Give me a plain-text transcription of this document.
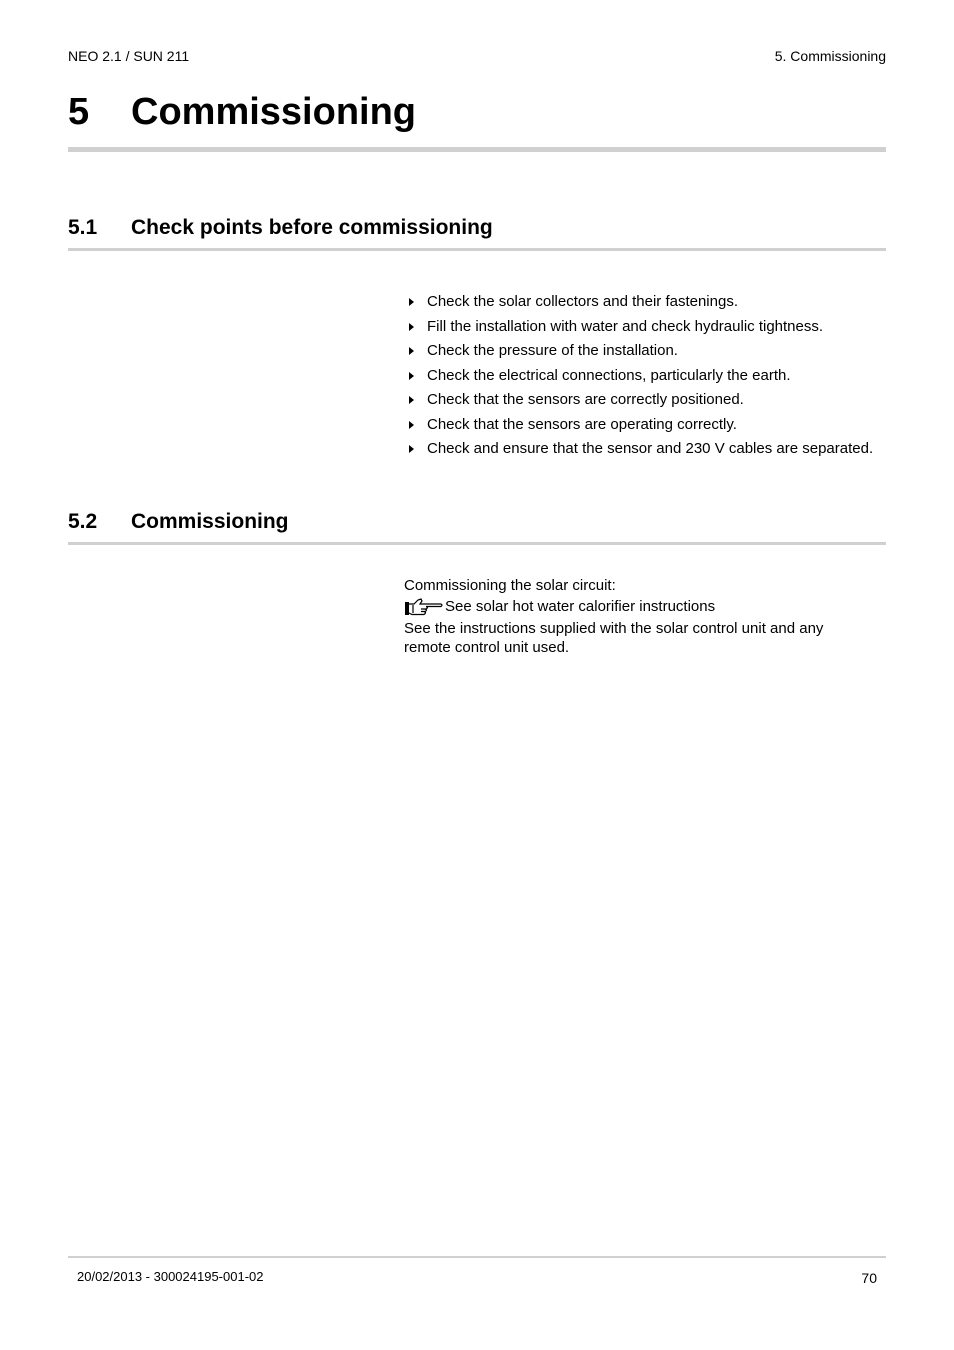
NEO 2.1 / SUN 211	5. Commissioning
5 Commissioning
5.1 Check points before commissioning
Check the solar collectors and their fastenings.
Fill the installation with water and check hydraulic tightness.
Check the pressure of the installation.
Check the electrical connections, particularly the earth.
Check that the sensors are correctly positioned.
Check that the sensors are operating correctly.
Check and ensure that the sensor and 230 V cables are separated.
5.2 Commissioning

Commissioning the solar circuit:

See solar hot water calorifier instructions

See the instructions supplied with the solar control unit and any remote control unit used.

20/02/2013 - 300024195-001-02	70
